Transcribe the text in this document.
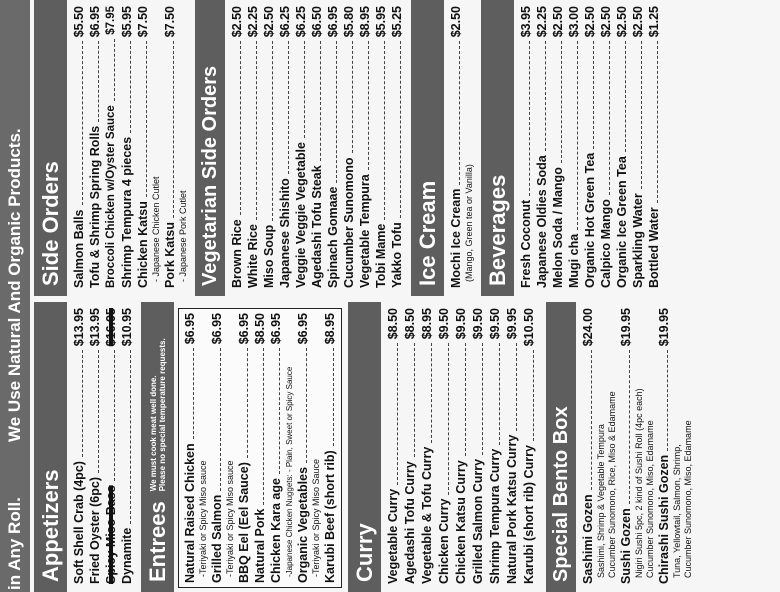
in Any Roll.
We Use Natural And Organic Products.
Appetizers Soft Shell Crab (4pc)
$13.95
Fried Oyster (6pc)
$13.95
Spicy Miso Bass
$16.95
Dynamite
$10.95
Entrees
We must cook meat well done. Please no special temperature requests.
Natural Raised Chicken
$6.95
-Teriyaki or Spicy Miso sauce Grilled Salmon
$6.95
-Teriyaki or Spicy Miso sauce BBQ Eel (Eel Sauce)
$6.95
Natural Pork
$8.50
Chicken Kara age
$6.95
-Japanese Chicken Nuggets: - Plain, Sweet or Spicy Sauce Organic Vegetables
$6.95
-Teriyaki or Spicy Miso Sauce Karubi Beef (short rib)
$8.95
Curry Vegetable Curry
$8.50
Agedashi Tofu Curry
$8.50
Vegetable & Tofu Curry
$8.95
Chicken Curry
$9.50
Chicken Katsu Curry
$9.50
Grilled Salmon Curry
$9.50
Shrimp Tempura Curry
$9.50
Natural Pork Katsu Curry
$9.95
Karubi (short rib) Curry
$10.50
Special Bento Box Sashimi Gozen
$24.00
Sashimi, Shrimp & Vegetable Tempura Cucumber Sunomono, Rice, Miso & Edamame Sushi Gozen
$19.95
Nigiri Sushi 5pc, 2 kind of Sushi Roll (4pc each) Cucumber Sunomono, Miso, Edamame Chirashi Sushi Gozen
$19.95
Tuna, Yellowtail, Salmon, Shrimp, Cucumber Sunomono, Miso, Edamame
Side Orders Salmon Balls
$5.50
Tofu & Shrimp Spring Rolls
$6.95
Broccoli Chicken w/Oyster Sauce
$7.95
Shrimp Tempura 4 pieces
$5.95
Chicken Katsu
$7.50
- Japanese Chicken Cutlet Pork Katsu
$7.50
- Japanese Pork Cutlet Vegetarian Side Orders Brown Rice
$2.50
White Rice
$2.25
Miso Soup
$2.50
Japanese Shishito
$6.25
Veggie Veggie Vegetable
$6.25
Agedashi Tofu Steak
$6.50
Spinach Gomaae
$6.95
Cucumber Sunomono
$5.80
Vegetable Tempura
$8.95
Tobi Mame
$5.95
Yakko Tofu
$5.25
Ice Cream Mochi Ice Cream
$2.50
(Mango, Green tea or Vanilla) Beverages Fresh Coconut
$3.95
Japanese Oldies Soda
$2.25
Melon Soda / Mango
$2.50
Mugi cha
$3.00
Organic Hot Green Tea
$2.50
Calpico Mango
$2.50
Organic Ice Green Tea
$2.50
Sparkling Water
$2.50
Bottled Water
$1.25
